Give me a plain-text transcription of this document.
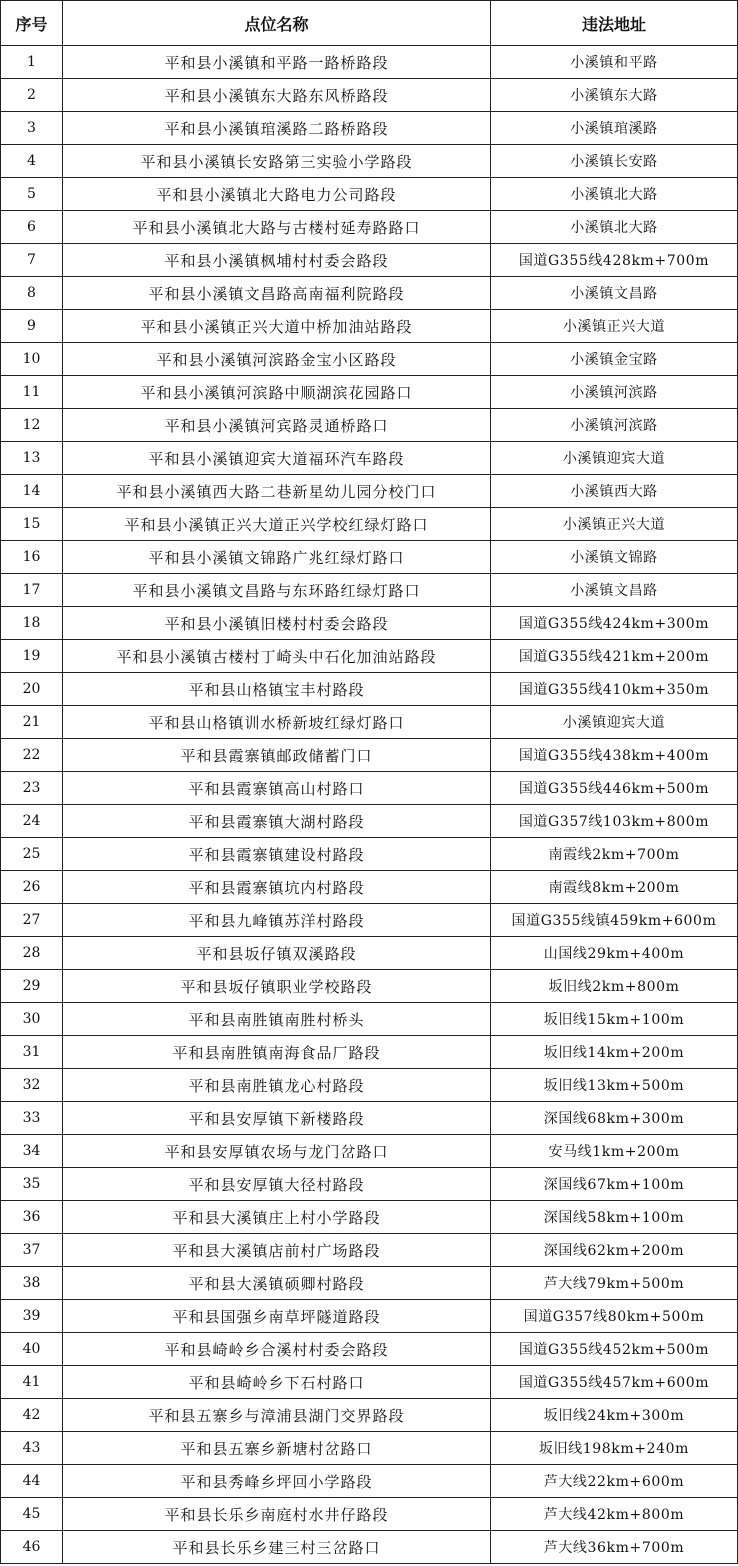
序号	点位名称	违法地址
1	平和县小溪镇和平路一路桥路段	小溪镇和平路
2	平和县小溪镇东大路东风桥路段	小溪镇东大路
3	平和县小溪镇琯溪路二路桥路段	小溪镇琯溪路
4	平和县小溪镇长安路第三实验小学路段	小溪镇长安路
5	平和县小溪镇北大路电力公司路段	小溪镇北大路
6	平和县小溪镇北大路与古楼村延寿路路口	小溪镇北大路
7	平和县小溪镇枫埔村村委会路段	国道G355线428km+700m
8	平和县小溪镇文昌路高南福利院路段	小溪镇文昌路
9	平和县小溪镇正兴大道中桥加油站路段	小溪镇正兴大道
10	平和县小溪镇河滨路金宝小区路段	小溪镇金宝路
11	平和县小溪镇河滨路中顺湖滨花园路口	小溪镇河滨路
12	平和县小溪镇河宾路灵通桥路口	小溪镇河滨路
13	平和县小溪镇迎宾大道福环汽车路段	小溪镇迎宾大道
14	平和县小溪镇西大路二巷新星幼儿园分校门口	小溪镇西大路
15	平和县小溪镇正兴大道正兴学校红绿灯路口	小溪镇正兴大道
16	平和县小溪镇文锦路广兆红绿灯路口	小溪镇文锦路
17	平和县小溪镇文昌路与东环路红绿灯路口	小溪镇文昌路
18	平和县小溪镇旧楼村村委会路段	国道G355线424km+300m
19	平和县小溪镇古楼村丁崎头中石化加油站路段	国道G355线421km+200m
20	平和县山格镇宝丰村路段	国道G355线410km+350m
21	平和县山格镇训水桥新坡红绿灯路口	小溪镇迎宾大道
22	平和县霞寨镇邮政储蓄门口	国道G355线438km+400m
23	平和县霞寨镇高山村路口	国道G355线446km+500m
24	平和县霞寨镇大湖村路段	国道G357线103km+800m
25	平和县霞寨镇建设村路段	南霞线2km+700m
26	平和县霞寨镇坑内村路段	南霞线8km+200m
27	平和县九峰镇苏洋村路段	国道G355线镇459km+600m
28	平和县坂仔镇双溪路段	山国线29km+400m
29	平和县坂仔镇职业学校路段	坂旧线2km+800m
30	平和县南胜镇南胜村桥头	坂旧线15km+100m
31	平和县南胜镇南海食品厂路段	坂旧线14km+200m
32	平和县南胜镇龙心村路段	坂旧线13km+500m
33	平和县安厚镇下新楼路段	深国线68km+300m
34	平和县安厚镇农场与龙门岔路口	安马线1km+200m
35	平和县安厚镇大径村路段	深国线67km+100m
36	平和县大溪镇庄上村小学路段	深国线58km+100m
37	平和县大溪镇店前村广场路段	深国线62km+200m
38	平和县大溪镇硕卿村路段	芦大线79km+500m
39	平和县国强乡南草坪隧道路段	国道G357线80km+500m
40	平和县崎岭乡合溪村村委会路段	国道G355线452km+500m
41	平和县崎岭乡下石村路口	国道G355线457km+600m
42	平和县五寨乡与漳浦县湖门交界路段	坂旧线24km+300m
43	平和县五寨乡新塘村岔路口	坂旧线198km+240m
44	平和县秀峰乡坪回小学路段	芦大线22km+600m
45	平和县长乐乡南庭村水井仔路段	芦大线42km+800m
46	平和县长乐乡建三村三岔路口	芦大线36km+700m
